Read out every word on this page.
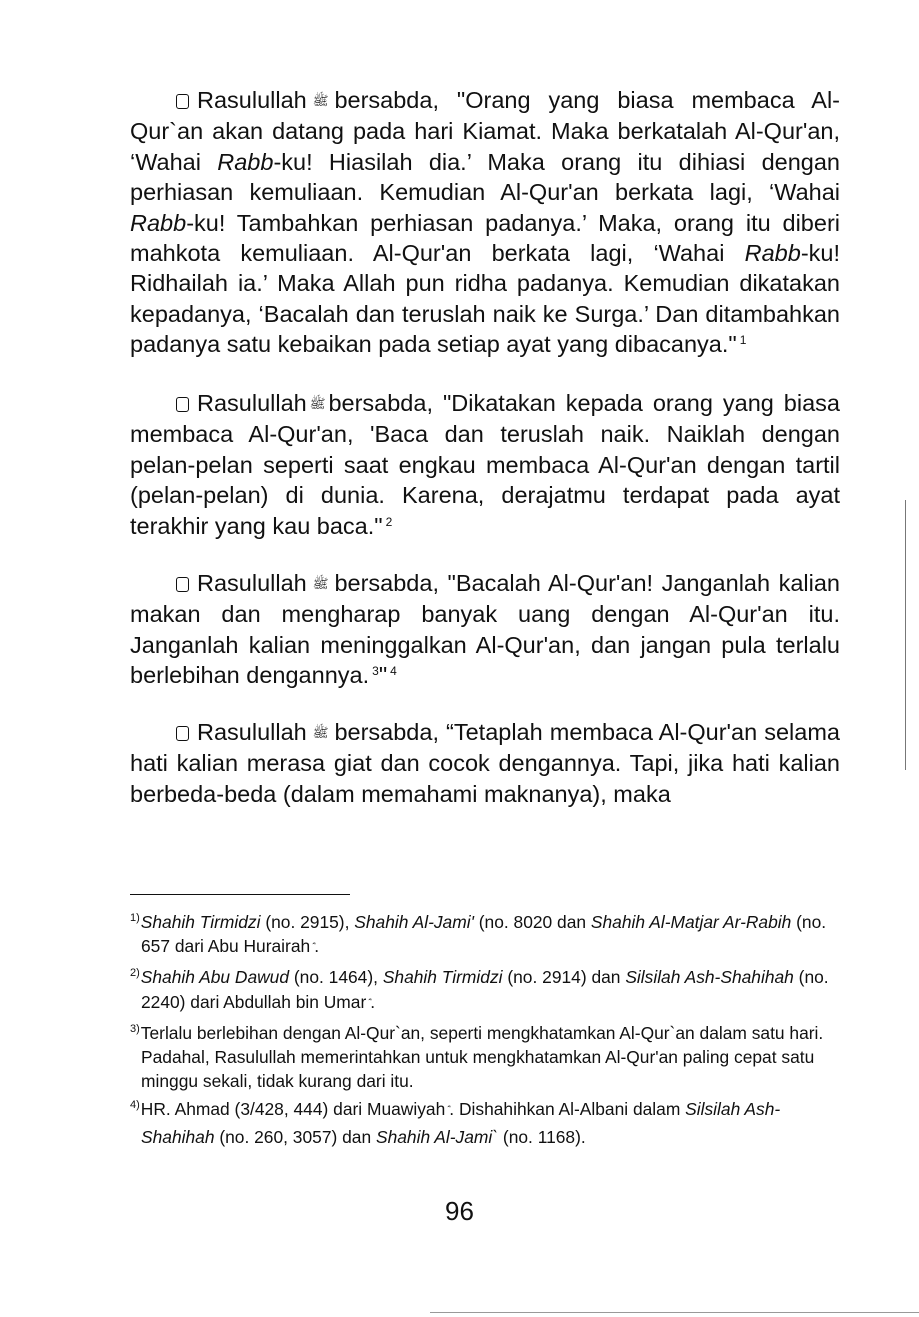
Rasulullah ﷺ bersabda, "Orang yang biasa membaca Al-Qur`an akan datang pada hari Kiamat. Maka berkatalah Al-Qur'an, ‘Wahai Rabb-ku! Hiasilah dia.’ Maka orang itu dihiasi dengan perhiasan kemuliaan. Kemudian Al-Qur'an berkata lagi, ‘Wahai Rabb-ku! Tambahkan perhiasan padanya.’ Maka, orang itu diberi mahkota kemuliaan. Al-Qur'an berkata lagi, ‘Wahai Rabb-ku! Ridhailah ia.’ Maka Allah pun ridha padanya. Kemudian dikatakan kepadanya, ‘Bacalah dan teruslah naik ke Surga.’ Dan ditambahkan padanya satu kebaikan pada setiap ayat yang dibacanya." $^1$

Rasulullah ﷺ bersabda, "Dikatakan kepada orang yang biasa membaca Al-Qur'an, 'Baca dan teruslah naik. Naiklah dengan pelan-pelan seperti saat engkau membaca Al-Qur'an dengan tartil (pelan-pelan) di dunia. Karena, derajatmu terdapat pada ayat terakhir yang kau baca." $^2$

Rasulullah ﷺ bersabda, "Bacalah Al-Qur'an! Janganlah kalian makan dan mengharap banyak uang dengan Al-Qur'an itu. Janganlah kalian meninggalkan Al-Qur'an, dan jangan pula terlalu berlebihan dengannya. $^3$" $^4$

Rasulullah ﷺ bersabda, “Tetaplah membaca Al-Qur'an selama hati kalian merasa giat dan cocok dengannya. Tapi, jika hati kalian berbeda-beda (dalam memahami maknanya), maka

$^{1)}$Shahih Tirmidzi (no. 2915), Shahih Al-Jami' (no. 8020 dan Shahih Al-Matjar Ar-Rabih (no. 657 dari Abu Hurairah .
$^{2)}$Shahih Abu Dawud (no. 1464), Shahih Tirmidzi (no. 2914) dan Silsilah Ash-Shahihah (no. 2240) dari Abdullah bin Umar .
$^{3)}$Terlalu berlebihan dengan Al-Qur`an, seperti mengkhatamkan Al-Qur`an dalam satu hari. Padahal, Rasulullah memerintahkan untuk mengkhatamkan Al-Qur'an paling cepat satu minggu sekali, tidak kurang dari itu.
$^{4)}$HR. Ahmad (3/428, 444) dari Muawiyah . Dishahihkan Al-Albani dalam Silsilah Ash-Shahihah (no. 260, 3057) dan Shahih Al-Jami` (no. 1168).
96
